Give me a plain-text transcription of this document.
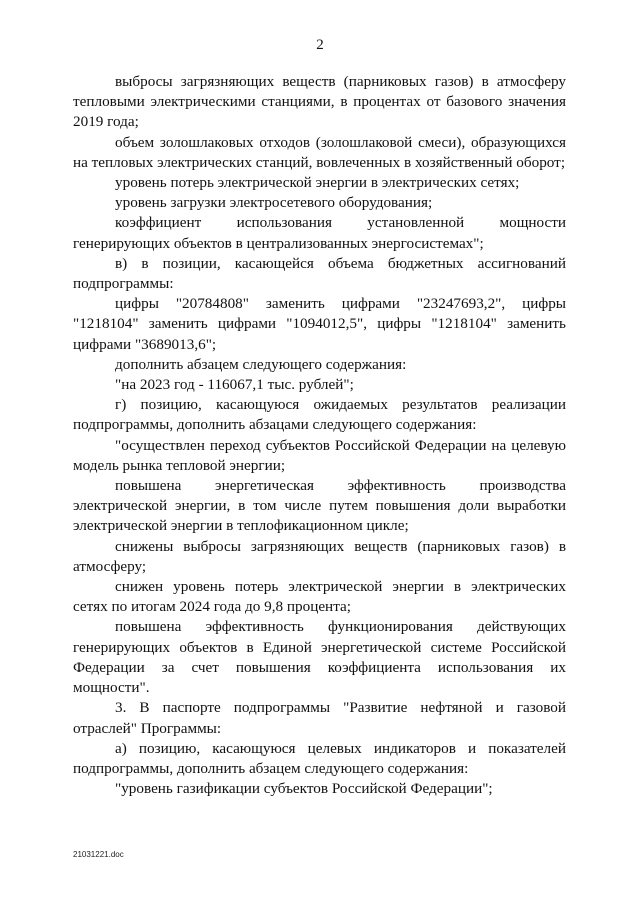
2

выбросы загрязняющих веществ (парниковых газов) в атмосферу тепловыми электрическими станциями, в процентах от базового значения 2019 года;

объем золошлаковых отходов (золошлаковой смеси), образующихся на тепловых электрических станций, вовлеченных в хозяйственный оборот;

уровень потерь электрической энергии в электрических сетях;

уровень загрузки электросетевого оборудования;

коэффициент использования установленной мощности генерирующих объектов в централизованных энергосистемах";

в) в позиции, касающейся объема бюджетных ассигнований подпрограммы:

цифры "20784808" заменить цифрами "23247693,2", цифры "1218104" заменить цифрами "1094012,5", цифры "1218104" заменить цифрами "3689013,6";

дополнить абзацем следующего содержания:

"на 2023 год - 116067,1 тыс. рублей";

г) позицию, касающуюся ожидаемых результатов реализации подпрограммы, дополнить абзацами следующего содержания:

"осуществлен переход субъектов Российской Федерации на целевую модель рынка тепловой энергии;

повышена энергетическая эффективность производства электрической энергии, в том числе путем повышения доли выработки электрической энергии в теплофикационном цикле;

снижены выбросы загрязняющих веществ (парниковых газов) в атмосферу;

снижен уровень потерь электрической энергии в электрических сетях по итогам 2024 года до 9,8 процента;

повышена эффективность функционирования действующих генерирующих объектов в Единой энергетической системе Российской Федерации за счет повышения коэффициента использования их мощности".

3. В паспорте подпрограммы "Развитие нефтяной и газовой отраслей" Программы:

а) позицию, касающуюся целевых индикаторов и показателей подпрограммы, дополнить абзацем следующего содержания:

"уровень газификации субъектов Российской Федерации";

21031221.doc
